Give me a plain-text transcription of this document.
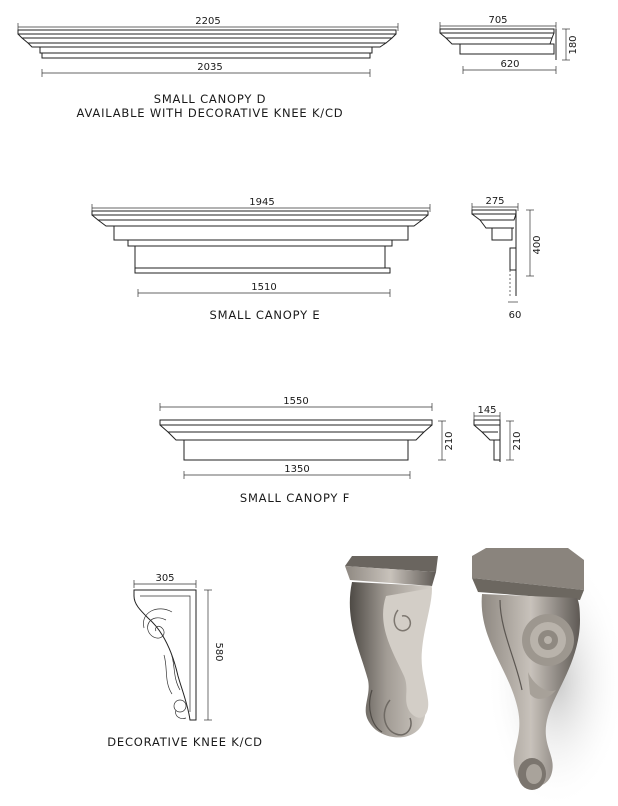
2205
2035
705
620
180
1945
1510
275
400
60
1550
210
1350
145
210
305
580
SMALL CANOPY D
AVAILABLE WITH DECORATIVE KNEE K/CD
SMALL CANOPY E
SMALL CANOPY F
DECORATIVE KNEE K/CD
